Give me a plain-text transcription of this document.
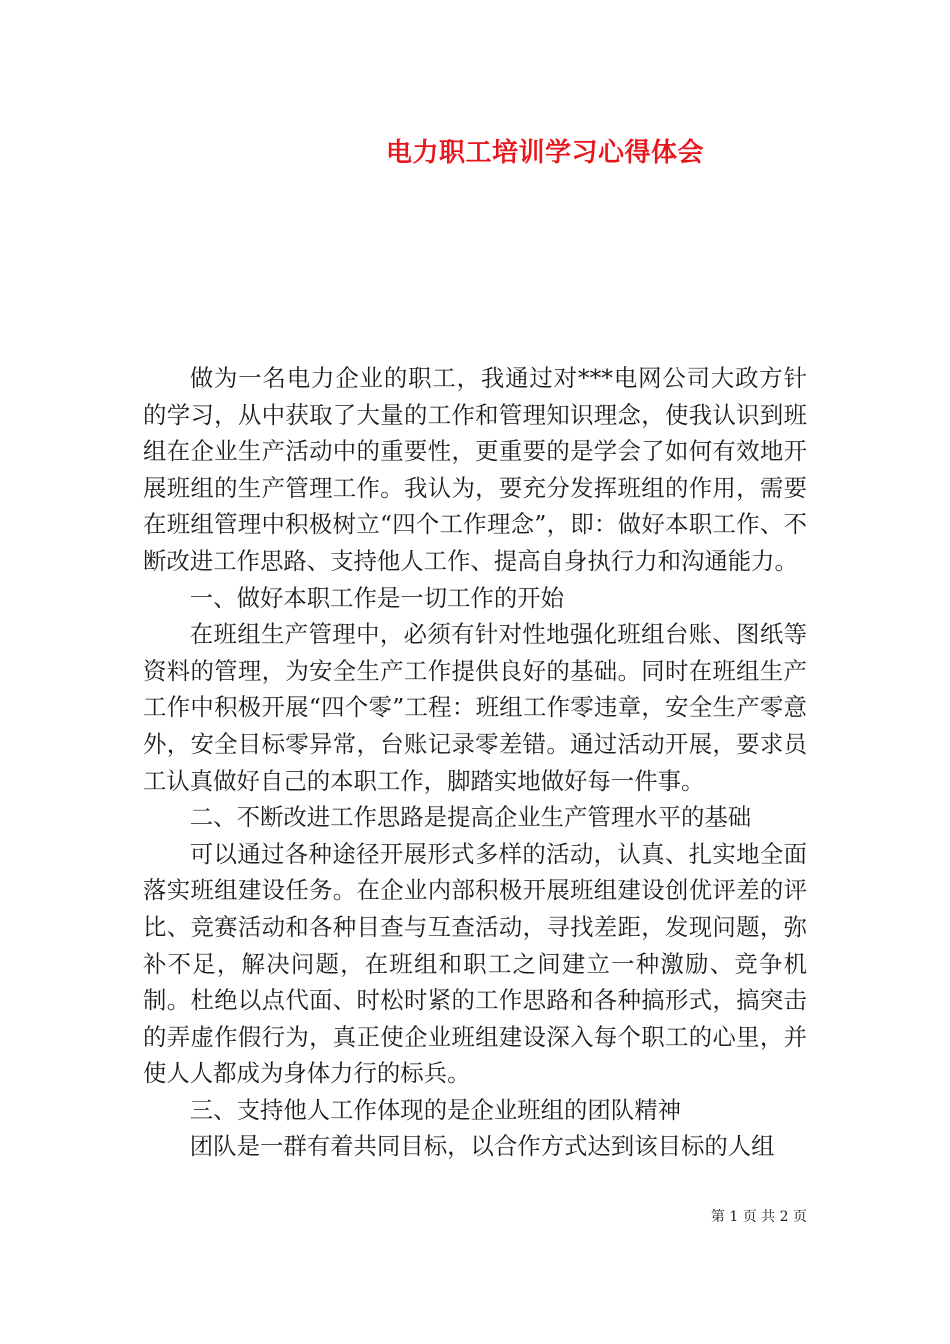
电力职工培训学习心得体会

做为一名电力企业的职工，我通过对***电网公司大政方针的学习，从中获取了大量的工作和管理知识理念，使我认识到班组在企业生产活动中的重要性，更重要的是学会了如何有效地开展班组的生产管理工作。我认为，要充分发挥班组的作用，需要在班组管理中积极树立“四个工作理念”，即：做好本职工作、不断改进工作思路、支持他人工作、提高自身执行力和沟通能力。

一、做好本职工作是一切工作的开始

在班组生产管理中，必须有针对性地强化班组台账、图纸等资料的管理，为安全生产工作提供良好的基础。同时在班组生产工作中积极开展“四个零”工程：班组工作零违章，安全生产零意外，安全目标零异常，台账记录零差错。通过活动开展，要求员工认真做好自己的本职工作，脚踏实地做好每一件事。

二、不断改进工作思路是提高企业生产管理水平的基础

可以通过各种途径开展形式多样的活动，认真、扎实地全面落实班组建设任务。在企业内部积极开展班组建设创优评差的评比、竞赛活动和各种目查与互查活动，寻找差距，发现问题，弥补不足，解决问题，在班组和职工之间建立一种激励、竞争机制。杜绝以点代面、时松时紧的工作思路和各种搞形式，搞突击的弄虚作假行为，真正使企业班组建设深入每个职工的心里，并使人人都成为身体力行的标兵。

三、支持他人工作体现的是企业班组的团队精神

团队是一群有着共同目标，以合作方式达到该目标的人组

第 1 页 共 2 页
